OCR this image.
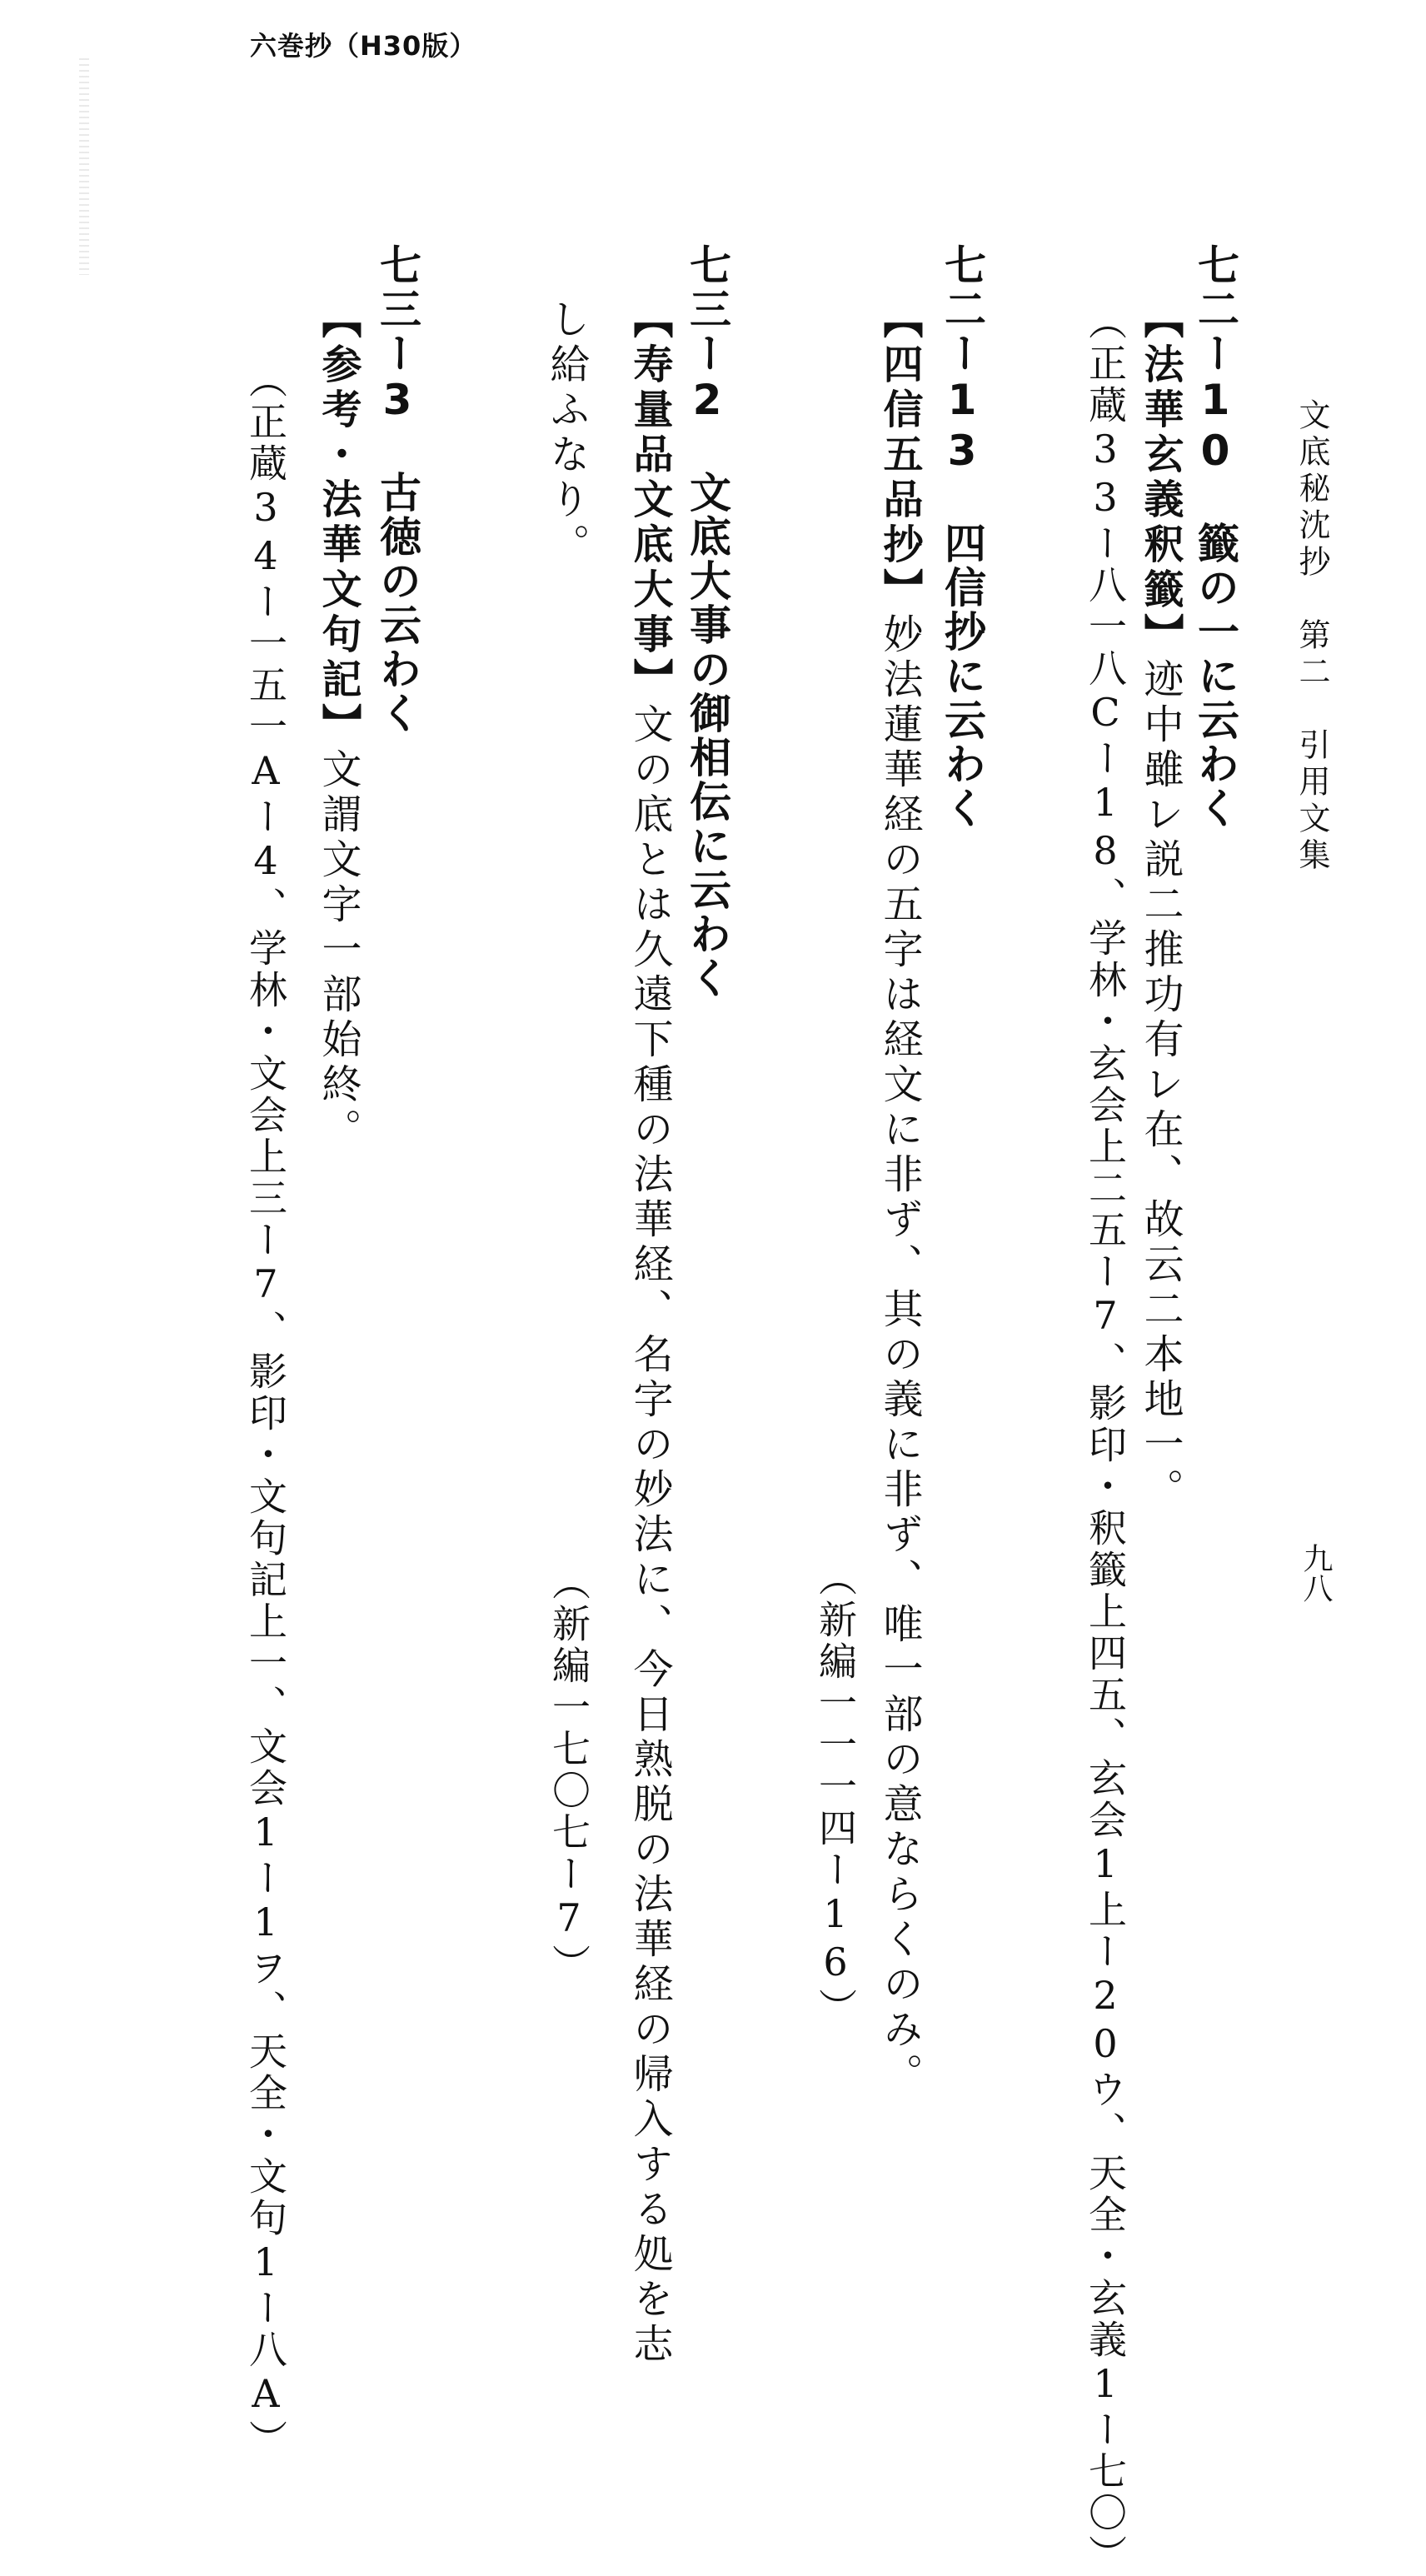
六巻抄（H30版）
文底秘沈抄　第二　引用文集
九八
七二ー10　籤の一に云わく
【法華玄義釈籤】迹中雖レ説二推功有レ在、故云二本地一。
（正蔵33ー八一八Cー18、学林・玄会上二五ー7、影印・釈籤上四五、玄会1上ー20ウ、天全・玄義1ー七〇）
七二ー13　四信抄に云わく
【四信五品抄】妙法蓮華経の五字は経文に非ず、其の義に非ず、唯一部の意ならくのみ。
（新編一一一四ー16）
七三ー2　文底大事の御相伝に云わく
【寿量品文底大事】文の底とは久遠下種の法華経、名字の妙法に、今日熟脱の法華経の帰入する処を志
し給ふなり。
（新編一七〇七ー7）
七三ー3　古徳の云わく
【参考・法華文句記】文謂文字一部始終。
（正蔵34ー一五一Aー4、学林・文会上三ー7、影印・文句記上一、文会1ー1ヲ、天全・文句1ー八A）
